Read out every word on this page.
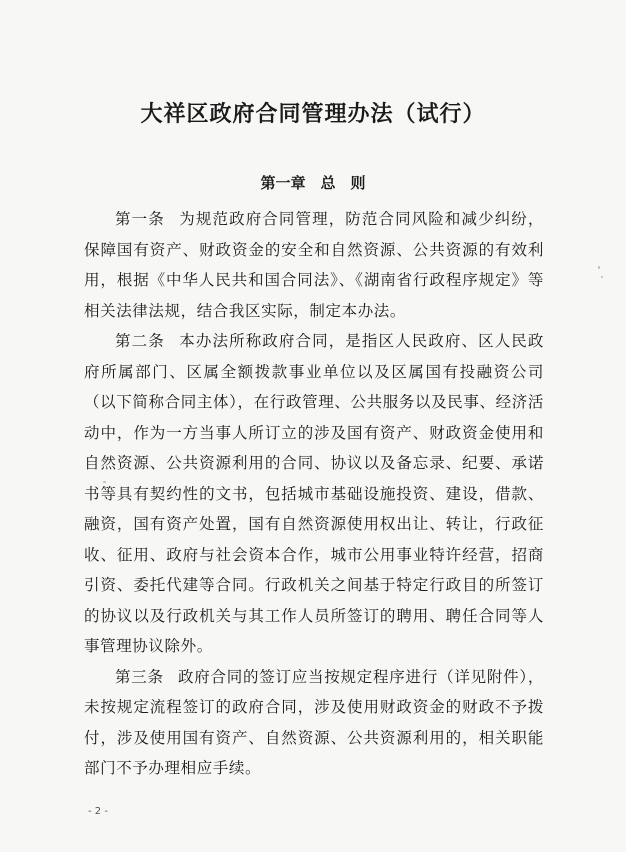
大祥区政府合同管理办法（试行）
第一章 总 则

第一条 为规范政府合同管理，防范合同风险和减少纠纷，保障国有资产、财政资金的安全和自然资源、公共资源的有效利用，根据《中华人民共和国合同法》、《湖南省行政程序规定》等相关法律法规，结合我区实际，制定本办法。

第二条 本办法所称政府合同，是指区人民政府、区人民政府所属部门、区属全额拨款事业单位以及区属国有投融资公司（以下简称合同主体），在行政管理、公共服务以及民事、经济活动中，作为一方当事人所订立的涉及国有资产、财政资金使用和自然资源、公共资源利用的合同、协议以及备忘录、纪要、承诺书等具有契约性的文书，包括城市基础设施投资、建设，借款、融资，国有资产处置，国有自然资源使用权出让、转让，行政征收、征用、政府与社会资本合作，城市公用事业特许经营，招商引资、委托代建等合同。行政机关之间基于特定行政目的所签订的协议以及行政机关与其工作人员所签订的聘用、聘任合同等人事管理协议除外。

第三条 政府合同的签订应当按规定程序进行（详见附件），未按规定流程签订的政府合同，涉及使用财政资金的财政不予拨付，涉及使用国有资产、自然资源、公共资源利用的，相关职能部门不予办理相应手续。

- 2 -
